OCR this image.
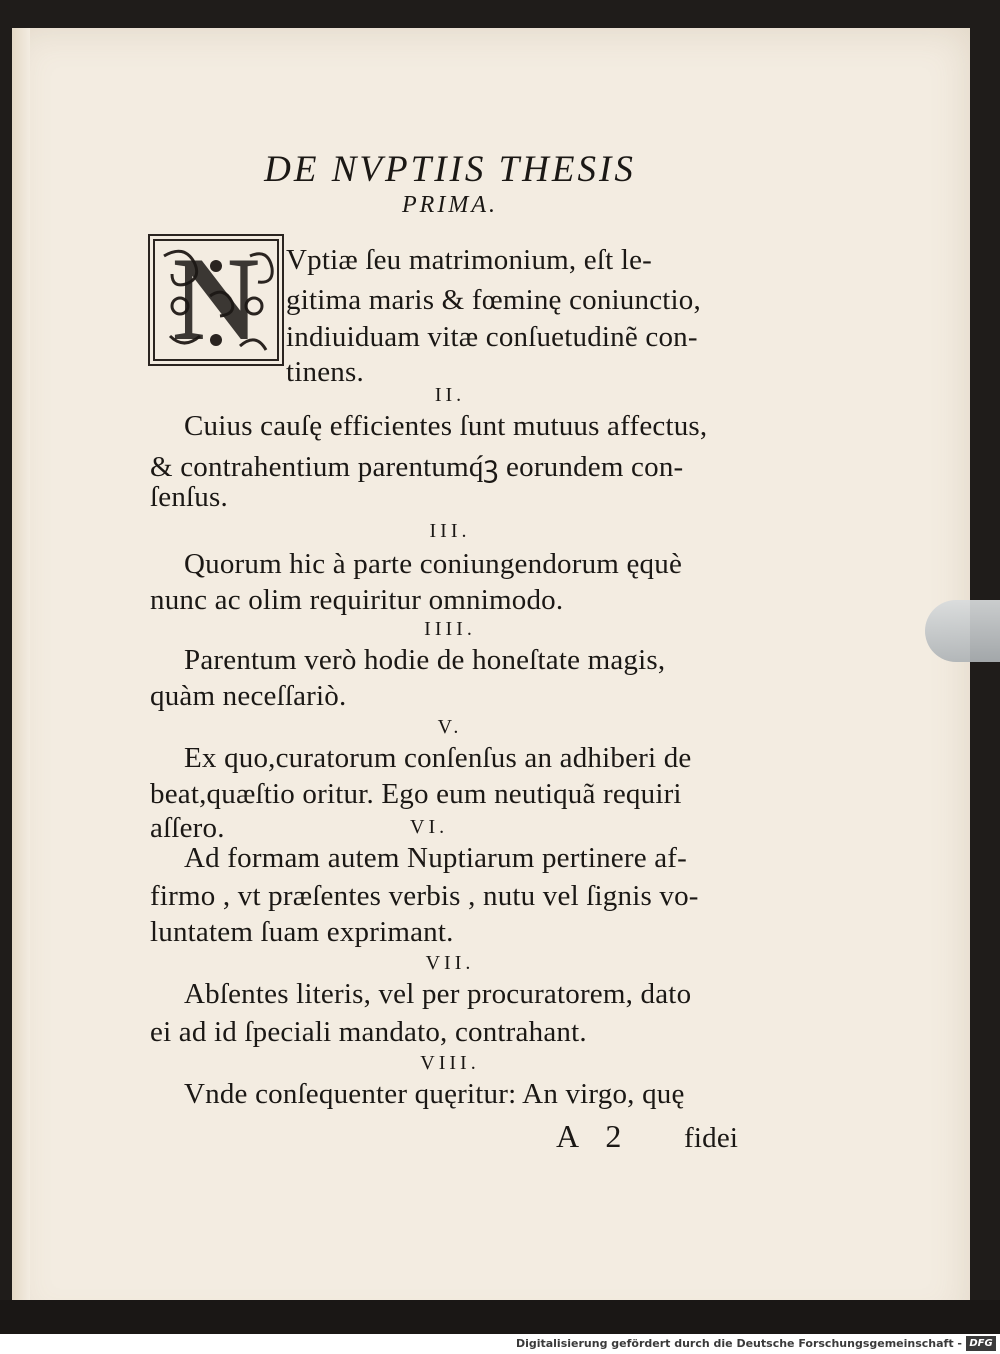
DE NVPTIIS THESIS
PRIMA.
N Vptiæ ſeu matrimonium, eſt le-
gitima maris & fœminę coniunctio,
indiuiduam vitæ conſuetudinẽ con-
tinens.
II.
Cuius cauſę efficientes ſunt mutuus affectus,
& contrahentium parentumq́ꝫ eorundem con-
ſenſus.
III.
Quorum hic à parte coniungendorum ęquè
nunc ac olim requiritur omnimodo.
IIII.
Parentum verò hodie de honeſtate magis,
quàm neceſſariò.
V.
Ex quo,curatorum conſenſus an adhiberi de
beat,quæſtio oritur. Ego eum neutiquã requiri
aſſero.	VI.
Ad formam autem Nuptiarum pertinere af-
firmo , vt præſentes verbis , nutu vel ſignis vo-
luntatem ſuam exprimant.
VII.
Abſentes literis, vel per procuratorem, dato
ei ad id ſpeciali mandato, contrahant.
VIII.
Vnde conſequenter quęritur: An virgo, quę
A 2 fidei
Digitalisierung gefördert durch die Deutsche Forschungsgemeinschaft - DFG
